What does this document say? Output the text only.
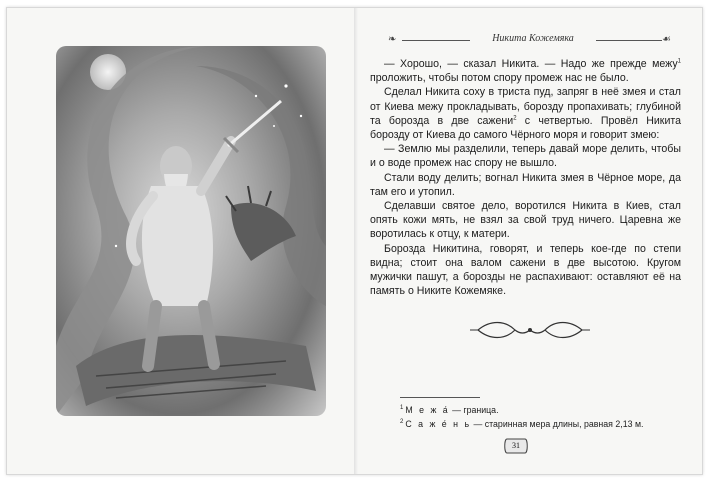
❧	Никита Кожемяка	☙

— Хорошо, — сказал Никита. — Надо же прежде межу$^1$ проложить, чтобы потом спору промеж нас не было.

Сделал Никита соху в триста пуд, запряг в неё змея и стал от Киева межу прокладывать, борозду пропахивать; глубиной та борозда в две сажени$^2$ с четвертью. Провёл Никита борозду от Киева до самого Чёрного моря и говорит змею:

— Землю мы разделили, теперь давай море делить, чтобы и о воде промеж нас спору не вышло.

Стали воду делить; вогнал Никита змея в Чёрное море, да там его и утопил.

Сделавши святое дело, воротился Никита в Киев, стал опять кожи мять, не взял за свой труд ничего. Царевна же воротилась к отцу, к матери.

Борозда Никитина, говорят, и теперь кое-где по степи видна; стоит она валом сажени в две высотою. Кругом мужички пашут, а борозды не распахивают: оставляют её на память о Никите Кожемяке.

$^1$ М е ж а́ — граница.
$^2$ С а ж е́ н ь — старинная мера длины, равная 2,13 м.
31
